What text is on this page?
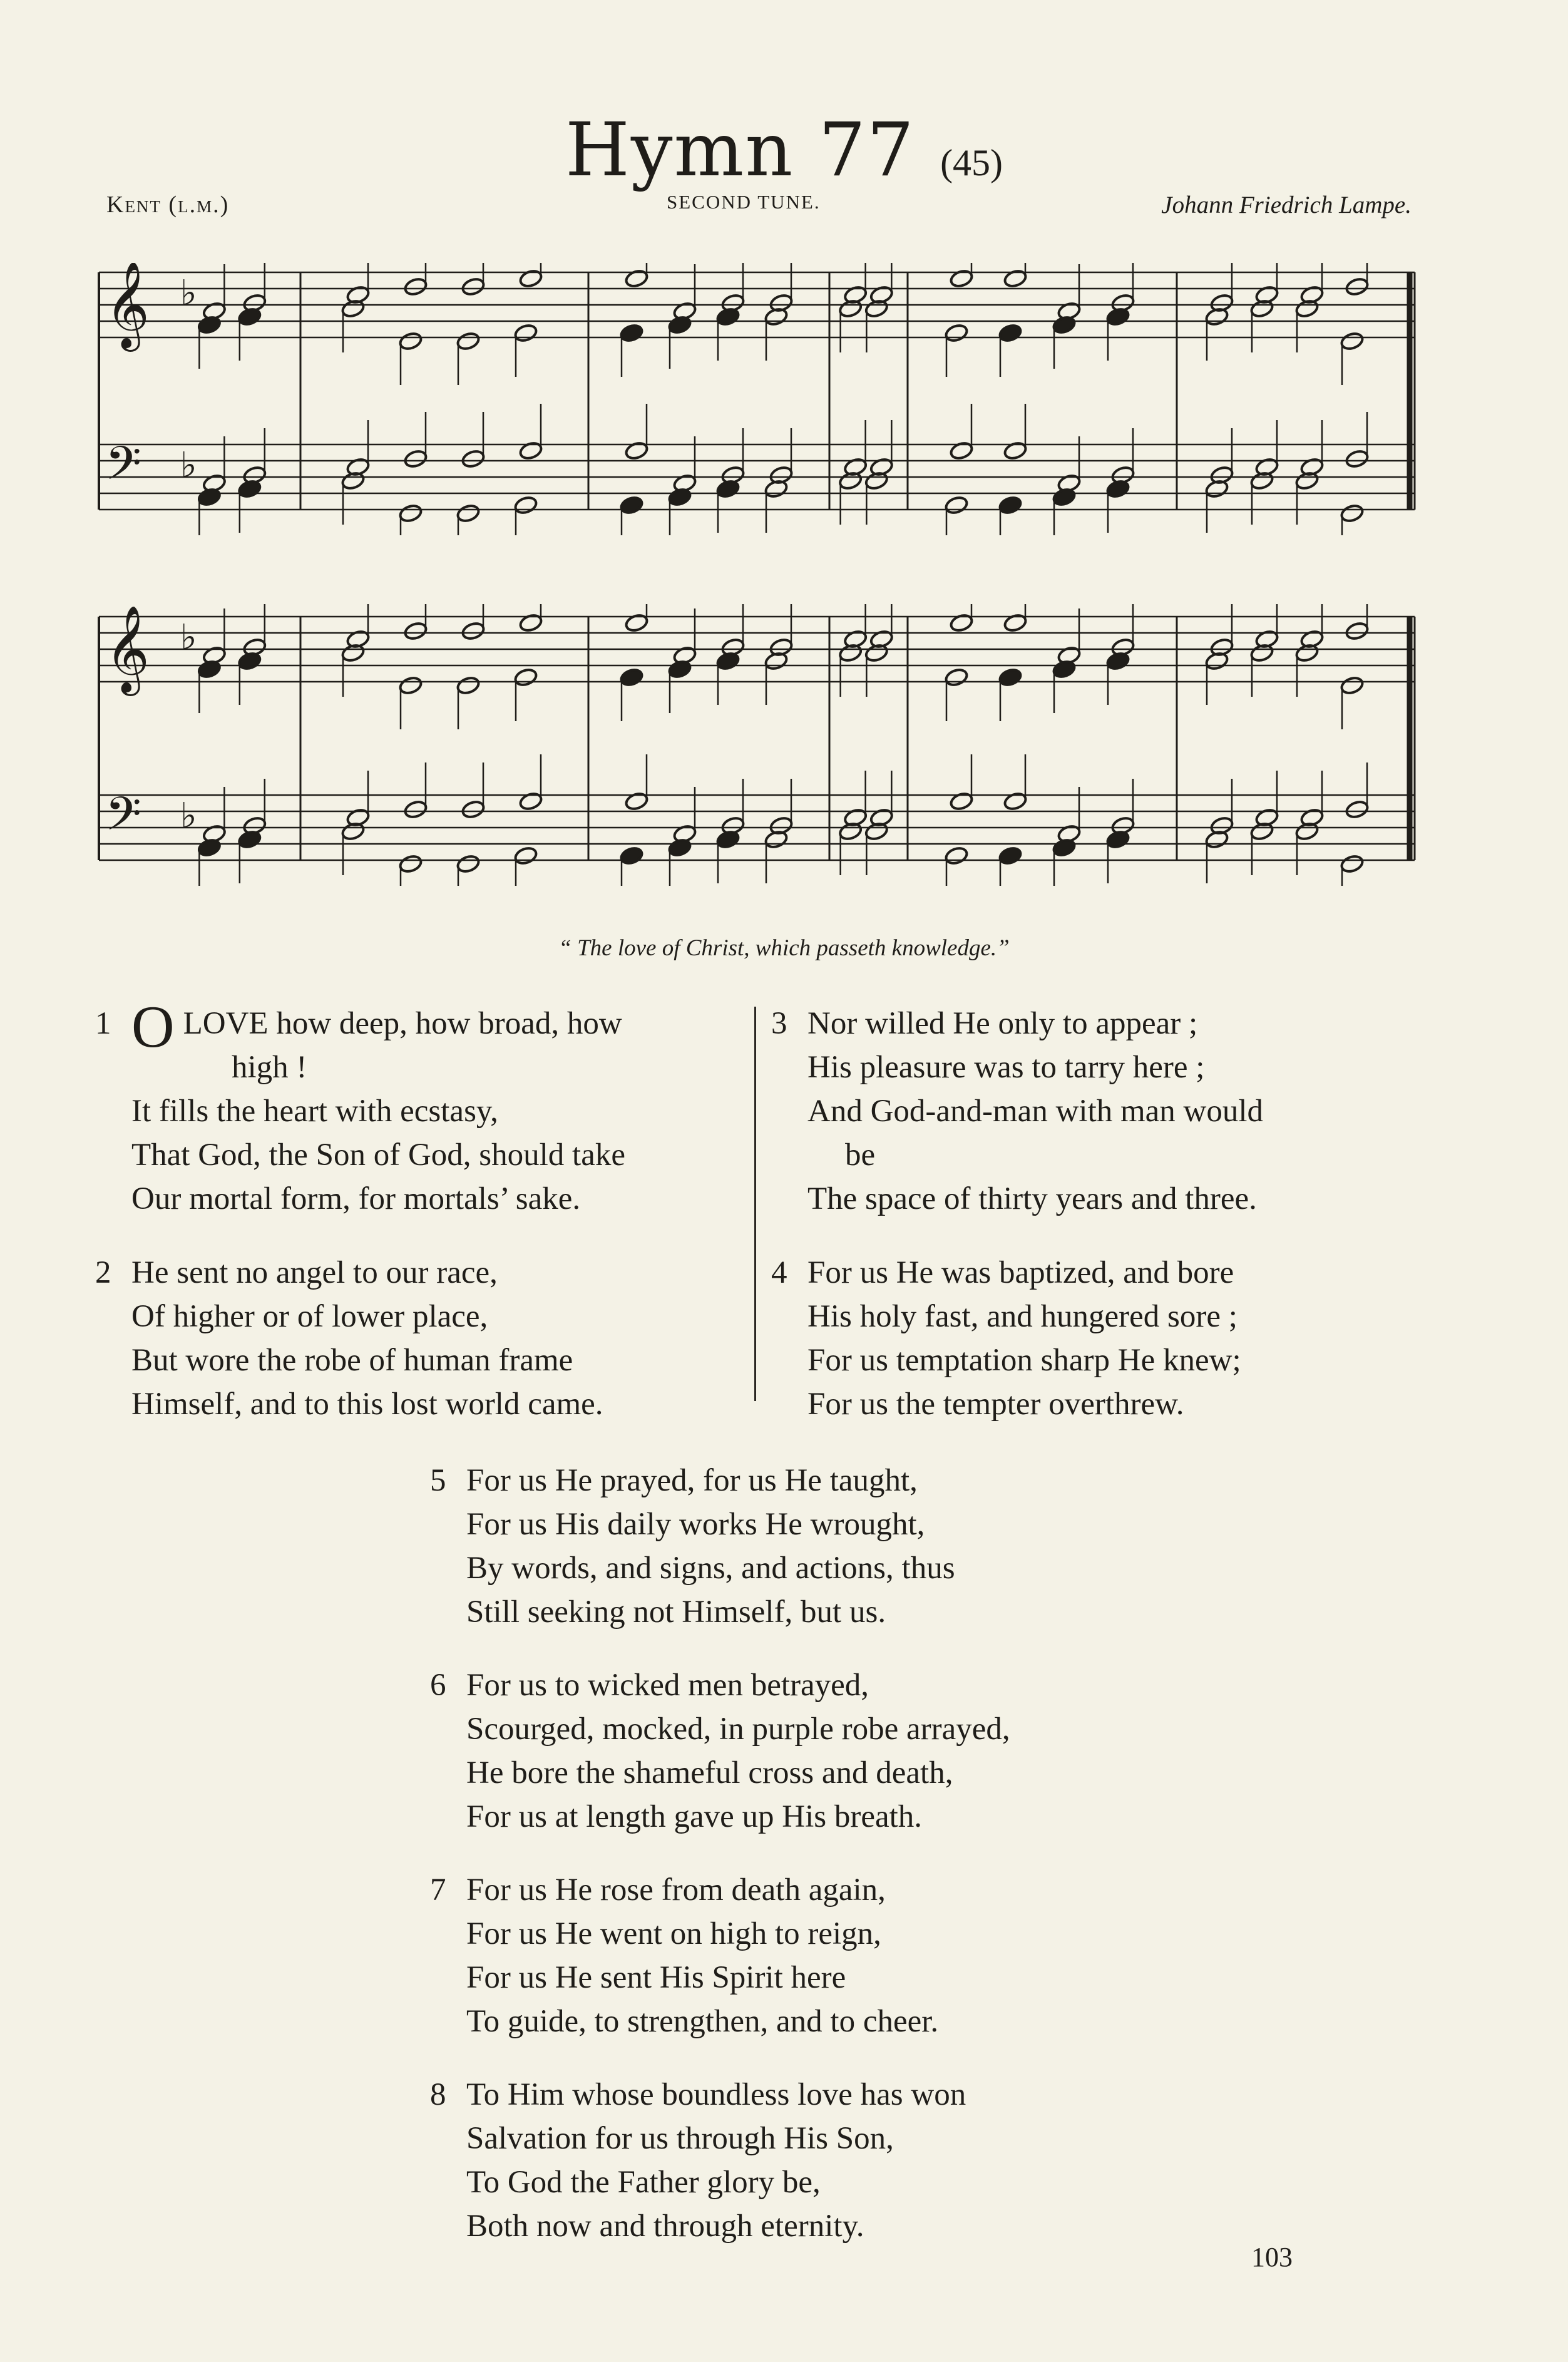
Hymn 77 (45)
Kent (l.m.)	SECOND TUNE.	Johann Friedrich Lampe.
𝄞 ♭
𝄢 ♭
𝄞 ♭
𝄢 ♭
“ The love of Christ, which passeth knowledge.”
1 OLOVE how deep, how broad, how
high !
It fills the heart with ecstasy,
That God, the Son of God, should take
Our mortal form, for mortals’ sake.
2 He sent no angel to our race,
Of higher or of lower place,
But wore the robe of human frame
Himself, and to this lost world came.
3 Nor willed He only to appear ;
His pleasure was to tarry here ;
And God-and-man with man would
be
The space of thirty years and three.
4 For us He was baptized, and bore
His holy fast, and hungered sore ;
For us temptation sharp He knew;
For us the tempter overthrew.
5 For us He prayed, for us He taught,
For us His daily works He wrought,
By words, and signs, and actions, thus
Still seeking not Himself, but us.
6 For us to wicked men betrayed,
Scourged, mocked, in purple robe arrayed,
He bore the shameful cross and death,
For us at length gave up His breath.
7 For us He rose from death again,
For us He went on high to reign,
For us He sent His Spirit here
To guide, to strengthen, and to cheer.
8 To Him whose boundless love has won
Salvation for us through His Son,
To God the Father glory be,
Both now and through eternity.
103
